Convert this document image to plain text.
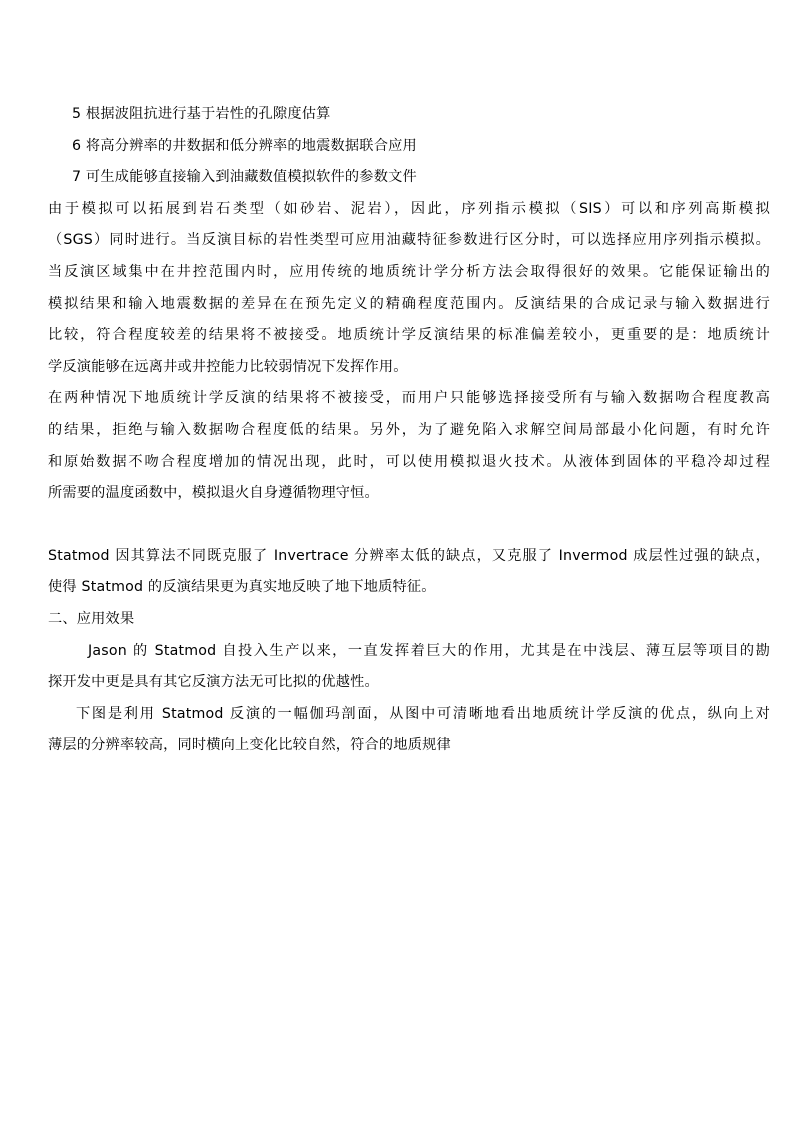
5 根据波阻抗进行基于岩性的孔隙度估算
6 将高分辨率的井数据和低分辨率的地震数据联合应用
7 可生成能够直接输入到油藏数值模拟软件的参数文件
由于模拟可以拓展到岩石类型（如砂岩、泥岩），因此，序列指示模拟（SIS）可以和序列高斯模拟
（SGS）同时进行。当反演目标的岩性类型可应用油藏特征参数进行区分时，可以选择应用序列指示模拟。
当反演区域集中在井控范围内时，应用传统的地质统计学分析方法会取得很好的效果。它能保证输出的
模拟结果和输入地震数据的差异在在预先定义的精确程度范围内。反演结果的合成记录与输入数据进行
比较，符合程度较差的结果将不被接受。地质统计学反演结果的标准偏差较小，更重要的是：地质统计
学反演能够在远离井或井控能力比较弱情况下发挥作用。
在两种情况下地质统计学反演的结果将不被接受，而用户只能够选择接受所有与输入数据吻合程度教高
的结果，拒绝与输入数据吻合程度低的结果。另外，为了避免陷入求解空间局部最小化问题，有时允许
和原始数据不吻合程度增加的情况出现，此时，可以使用模拟退火技术。从液体到固体的平稳冷却过程
所需要的温度函数中，模拟退火自身遵循物理守恒。
Statmod 因其算法不同既克服了 Invertrace 分辨率太低的缺点，又克服了 Invermod 成层性过强的缺点，
使得 Statmod 的反演结果更为真实地反映了地下地质特征。
二、应用效果
Jason 的 Statmod 自投入生产以来，一直发挥着巨大的作用，尤其是在中浅层、薄互层等项目的勘
探开发中更是具有其它反演方法无可比拟的优越性。
下图是利用 Statmod 反演的一幅伽玛剖面，从图中可清晰地看出地质统计学反演的优点，纵向上对
薄层的分辨率较高，同时横向上变化比较自然，符合的地质规律
